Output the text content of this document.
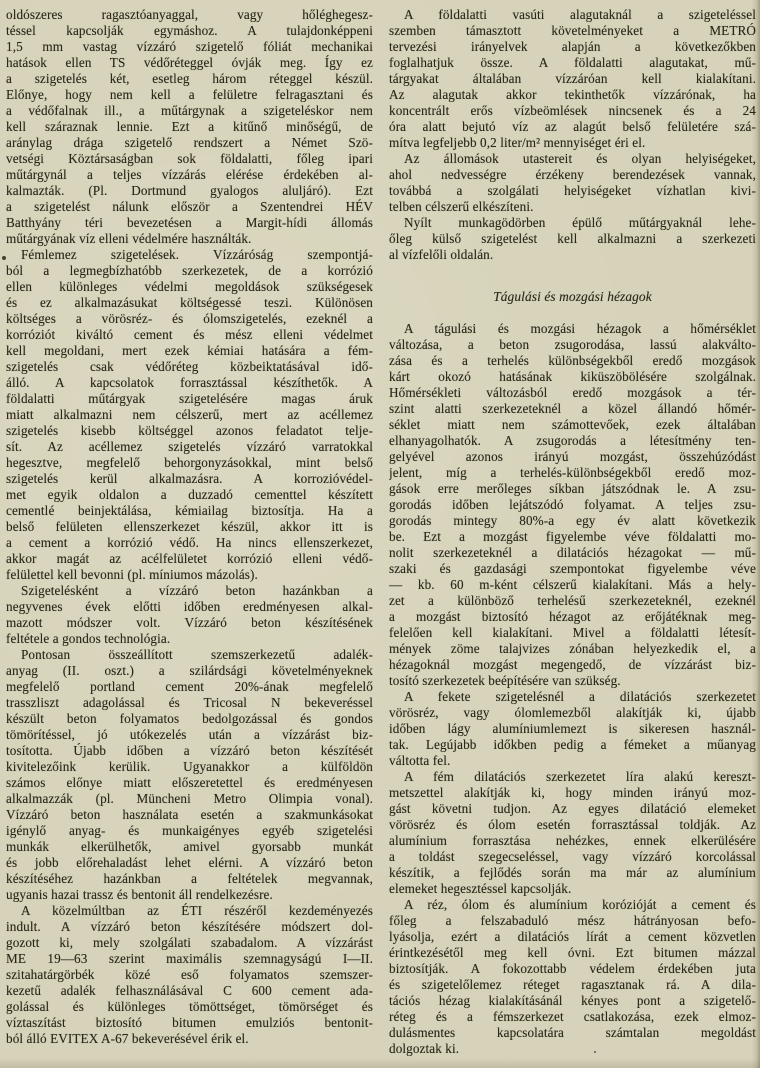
oldószeres ragasztóanyaggal, vagy hőléghegesz-
téssel kapcsolják egymáshoz. A tulajdonképpeni
1,5 mm vastag vízzáró szigetelő fóliát mechanikai
hatások ellen TS védőréteggel óvják meg. Így ez
a szigetelés két, esetleg három réteggel készül.
Előnye, hogy nem kell a felületre felragasztani és
a védőfalnak ill., a műtárgynak a szigeteléskor nem
kell száraznak lennie. Ezt a kitűnő minőségű, de
aránylag drága szigetelő rendszert a Német Szö-
vetségi Köztársaságban sok földalatti, főleg ipari
műtárgynál a teljes vízzárás elérése érdekében al-
kalmazták. (Pl. Dortmund gyalogos aluljáró). Ezt
a szigetelést nálunk először a Szentendrei HÉV
Batthyány téri bevezetésen a Margit-hídi állomás
műtárgyának víz elleni védelmére használták.
Fémlemez szigetelések. Vízzáróság szempontjá-
ból a legmegbízhatóbb szerkezetek, de a korrózió
ellen különleges védelmi megoldások szükségesek
és ez alkalmazásukat költségessé teszi. Különösen
költséges a vörösréz- és ólomszigetelés, ezeknél a
korróziót kiváltó cement és mész elleni védelmet
kell megoldani, mert ezek kémiai hatására a fém-
szigetelés csak védőréteg közbeiktatásával idő-
álló. A kapcsolatok forrasztással készíthetők. A
földalatti műtárgyak szigetelésére magas áruk
miatt alkalmazni nem célszerű, mert az acéllemez
szigetelés kisebb költséggel azonos feladatot telje-
sít. Az acéllemez szigetelés vízzáró varratokkal
hegesztve, megfelelő behorgonyzásokkal, mint belső
szigetelés kerül alkalmazásra. A korrozióvédel-
met egyik oldalon a duzzadó cementtel készített
cementlé beinjektálása, kémiailag biztosítja. Ha a
belső felületen ellenszerkezet készül, akkor itt is
a cement a korrózió védő. Ha nincs ellenszerkezet,
akkor magát az acélfelületet korrózió elleni védő-
felülettel kell bevonni (pl. míniumos mázolás).
Szigetelésként a vízzáró beton hazánkban a
negyvenes évek előtti időben eredményesen alkal-
mazott módszer volt. Vízzáró beton készítésének
feltétele a gondos technológia.
Pontosan összeállított szemszerkezetű adalék-
anyag (II. oszt.) a szilárdsági követelményeknek
megfelelő portland cement 20%-ának megfelelő
trasszliszt adagolással és Tricosal N bekeveréssel
készült beton folyamatos bedolgozással és gondos
tömörítéssel, jó utókezelés után a vízzárást biz-
tosította. Újabb időben a vízzáró beton készítését
kivitelezőink kerülik. Ugyanakkor a külföldön
számos előnye miatt előszeretettel és eredményesen
alkalmazzák (pl. Müncheni Metro Olimpia vonal).
Vízzáró beton használata esetén a szakmunkásokat
igénylő anyag- és munkaigényes egyéb szigetelési
munkák elkerülhetők, amivel gyorsabb munkát
és jobb előrehaladást lehet elérni. A vízzáró beton
készítéséhez hazánkban a feltételek megvannak,
ugyanis hazai trassz és bentonit áll rendelkezésre.
A közelmúltban az ÉTI részéről kezdeményezés
indult. A vízzáró beton készítésére módszert dol-
gozott ki, mely szolgálati szabadalom. A vízzárást
ME 19—63 szerint maximális szemnagyságú I—II.
szitahatárgörbék közé eső folyamatos szemszer-
kezetű adalék felhasználásával C 600 cement ada-
golással és különleges tömöttséget, tömörséget és
víztaszítást biztosító bitumen emulziós bentonit-
ból álló EVITEX A-67 bekeverésével érik el.
A földalatti vasúti alagutaknál a szigeteléssel
szemben támasztott követelményeket a METRÓ
tervezési irányelvek alapján a következőkben
foglalhatjuk össze. A földalatti alagutakat, mű-
tárgyakat általában vízzáróan kell kialakítani.
Az alagutak akkor tekinthetők vízzárónak, ha
koncentrált erős vízbeömlések nincsenek és a 24
óra alatt bejutó víz az alagút belső felületére szá-
mítva legfeljebb 0,2 liter/m² mennyiséget éri el.
Az állomások utastereit és olyan helyiségeket,
ahol nedvességre érzékeny berendezések vannak,
továbbá a szolgálati helyiségeket vízhatlan kivi-
telben célszerű elkészíteni.
Nyílt munkagödörben épülő műtárgyaknál lehe-
őleg külső szigetelést kell alkalmazni a szerkezeti
al vízfelőli oldalán.
Tágulási és mozgási hézagok
A tágulási és mozgási hézagok a hőmérséklet
változása, a beton zsugorodása, lassú alakválto-
zása és a terhelés különbségekből eredő mozgások
kárt okozó hatásának kiküszöbölésére szolgálnak.
Hőmérsékleti változásból eredő mozgások a tér-
szint alatti szerkezeteknél a közel állandó hőmér-
séklet miatt nem számottevőek, ezek általában
elhanyagolhatók. A zsugorodás a létesítmény ten-
gelyével azonos irányú mozgást, összehúzódást
jelent, míg a terhelés-különbségekből eredő moz-
gások erre merőleges síkban játszódnak le. A zsu-
gorodás időben lejátszódó folyamat. A teljes zsu-
gorodás mintegy 80%-a egy év alatt következik
be. Ezt a mozgást figyelembe véve földalatti mo-
nolit szerkezeteknél a dilatációs hézagokat — mű-
szaki és gazdasági szempontokat figyelembe véve
— kb. 60 m-ként célszerű kialakítani. Más a hely-
zet a különböző terhelésű szerkezeteknél, ezeknél
a mozgást biztosító hézagot az erőjátéknak meg-
felelően kell kialakítani. Mivel a földalatti létesít-
mények zöme talajvizes zónában helyezkedik el, a
hézagoknál mozgást megengedő, de vízzárást biz-
tosító szerkezetek beépítésére van szükség.
A fekete szigetelésnél a dilatációs szerkezetet
vörösréz, vagy ólomlemezből alakítják ki, újabb
időben lágy alumíniumlemezt is sikeresen használ-
tak. Legújabb időkben pedig a fémeket a műanyag
váltotta fel.
A fém dilatációs szerkezetet líra alakú kereszt-
metszettel alakítják ki, hogy minden irányú moz-
gást követni tudjon. Az egyes dilatáció elemeket
vörösréz és ólom esetén forrasztással toldják. Az
alumínium forrasztása nehézkes, ennek elkerülésére
a toldást szegecseléssel, vagy vízzáró korcolással
készítik, a fejlődés során ma már az alumínium
elemeket hegesztéssel kapcsolják.
A réz, ólom és alumínium korózióját a cement és
főleg a felszabaduló mész hátrányosan befo-
lyásolja, ezért a dilatációs lírát a cement közvetlen
érintkezésétől meg kell óvni. Ezt bitumen mázzal
biztosítják. A fokozottabb védelem érdekében juta
és szigetelőlemez réteget ragasztanak rá. A dila-
tációs hézag kialakításánál kényes pont a szigetelő-
réteg és a fémszerkezet csatlakozása, ezek elmoz-
dulásmentes kapcsolatára számtalan megoldást
dolgoztak ki.
